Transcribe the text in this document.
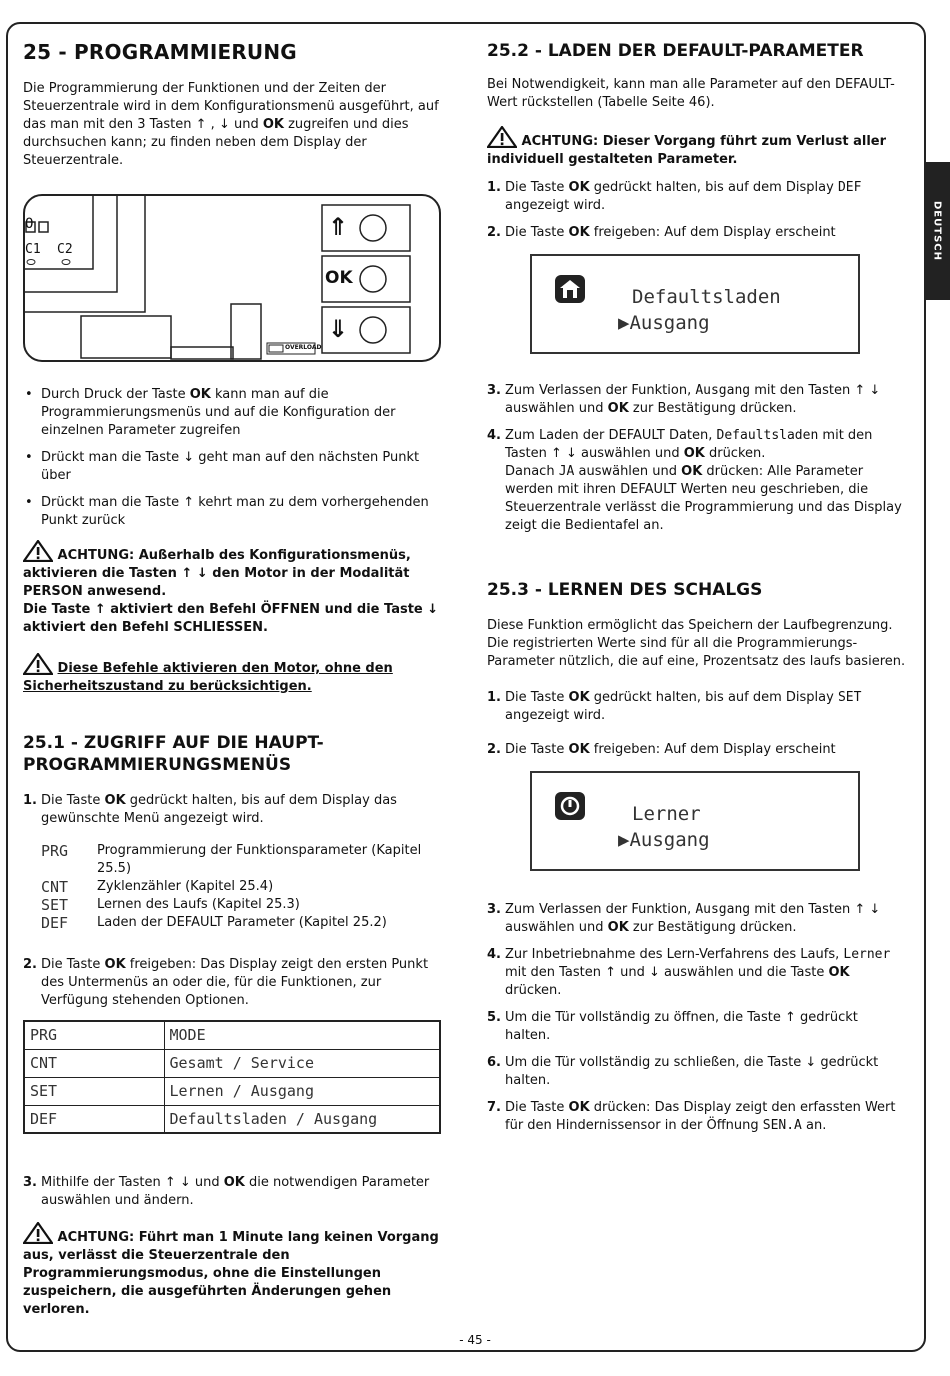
DEUTSCH
25 - PROGRAMMIERUNG

Die Programmierung der Funktionen und der Zeiten der Steuerzentrale wird in dem Konfigurationsmenü ausgeführt, auf das man mit den 3 Tasten ↑ , ↓ und OK zugreifen und dies durchsuchen kann; zu finden neben dem Display der Steuerzentrale.

O
C1 C2
⇑
OK
⇓
OVERLOAD
• Durch Druck der Taste OK kann man auf die Programmierungsmenüs und auf die Konfiguration der einzelnen Parameter zugreifen
• Drückt man die Taste ↓ geht man auf den nächsten Punkt über
• Drückt man die Taste ↑ kehrt man zu dem vorhergehenden Punkt zurück
ACHTUNG: Außerhalb des Konfigurationsmenüs, aktivieren die Tasten ↑ ↓ den Motor in der Modalität PERSON anwesend.
Die Taste ↑ aktiviert den Befehl ÖFFNEN und die Taste ↓ aktiviert den Befehl SCHLIESSEN.
Diese Befehle aktivieren den Motor, ohne den Sicherheitszustand zu berücksichtigen.
25.1 - ZUGRIFF AUF DIE HAUPT-PROGRAMMIERUNGSMENÜS
1. Die Taste OK gedrückt halten, bis auf dem Display das gewünschte Menü angezeigt wird.
PRG	Programmierung der Funktionsparameter (Kapitel 25.5)
CNT	Zyklenzähler (Kapitel 25.4)
SET	Lernen des Laufs (Kapitel 25.3)
DEF	Laden der DEFAULT Parameter (Kapitel 25.2)
2. Die Taste OK freigeben: Das Display zeigt den ersten Punkt des Untermenüs an oder die, für die Funktionen, zur Verfügung stehenden Optionen.
PRG	MODE
CNT	Gesamt / Service
SET	Lernen / Ausgang
DEF	Defaultsladen / Ausgang
3. Mithilfe der Tasten ↑ ↓ und OK die notwendigen Parameter auswählen und ändern.
ACHTUNG: Führt man 1 Minute lang keinen Vorgang aus, verlässt die Steuerzentrale den Programmierungsmodus, ohne die Einstellungen zuspeichern, die ausgeführten Änderungen gehen verloren.
25.2 - LADEN DER DEFAULT-PARAMETER

Bei Notwendigkeit, kann man alle Parameter auf den DEFAULT-Wert rückstellen (Tabelle Seite 46).

ACHTUNG: Dieser Vorgang führt zum Verlust aller individuell gestalteten Parameter.
1. Die Taste OK gedrückt halten, bis auf dem Display DEF angezeigt wird.
2. Die Taste OK freigeben: Auf dem Display erscheint
Defaultsladen
▶Ausgang
3. Zum Verlassen der Funktion, Ausgang mit den Tasten ↑ ↓ auswählen und OK zur Bestätigung drücken.
4. Zum Laden der DEFAULT Daten, Defaultsladen mit den Tasten ↑ ↓ auswählen und OK drücken.
Danach JA auswählen und OK drücken: Alle Parameter werden mit ihren DEFAULT Werten neu geschrieben, die Steuerzentrale verlässt die Programmierung und das Display zeigt die Bedientafel an.
25.3 - LERNEN DES SCHALGS

Diese Funktion ermöglicht das Speichern der Laufbegrenzung. Die registrierten Werte sind für all die Programmierungs-Parameter nützlich, die auf eine, Prozentsatz des laufs basieren.

1. Die Taste OK gedrückt halten, bis auf dem Display SET angezeigt wird.
2. Die Taste OK freigeben: Auf dem Display erscheint
Lerner
▶Ausgang
3. Zum Verlassen der Funktion, Ausgang mit den Tasten ↑ ↓ auswählen und OK zur Bestätigung drücken.
4. Zur Inbetriebnahme des Lern-Verfahrens des Laufs, Lerner mit den Tasten ↑ und ↓ auswählen und die Taste OK drücken.
5. Um die Tür vollständig zu öffnen, die Taste ↑ gedrückt halten.
6. Um die Tür vollständig zu schließen, die Taste ↓ gedrückt halten.
7. Die Taste OK drücken: Das Display zeigt den erfassten Wert für den Hindernissensor in der Öffnung SEN.A an.
- 45 -
